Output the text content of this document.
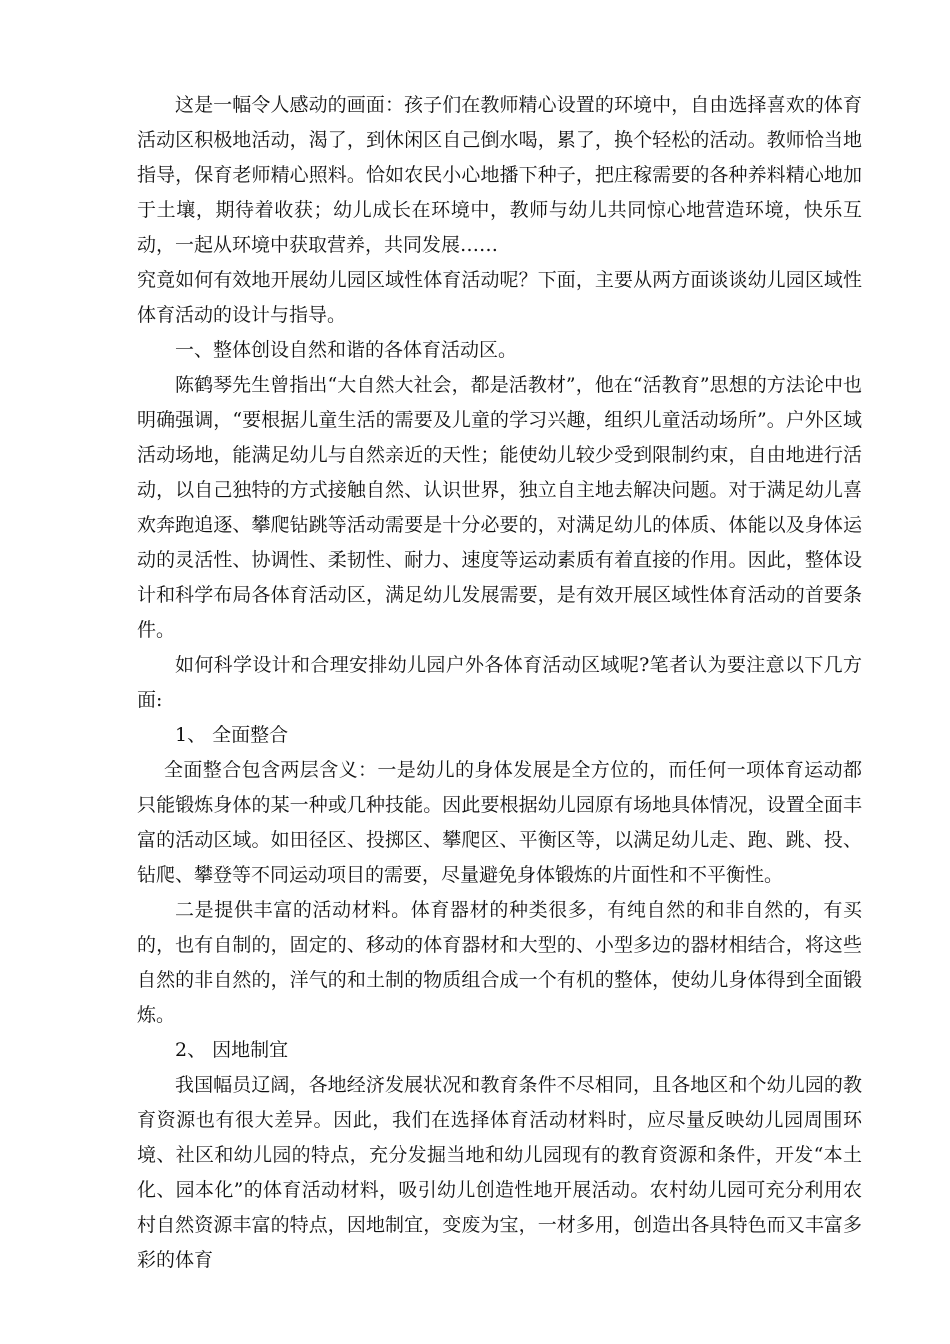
这是一幅令人感动的画面：孩子们在教师精心设置的环境中，自由选择喜欢的体育活动区积极地活动，渴了，到休闲区自己倒水喝，累了，换个轻松的活动。教师恰当地指导，保育老师精心照料。恰如农民小心地播下种子，把庄稼需要的各种养料精心地加于土壤，期待着收获；幼儿成长在环境中，教师与幼儿共同惊心地营造环境，快乐互动，一起从环境中获取营养，共同发展……

究竟如何有效地开展幼儿园区域性体育活动呢？下面，主要从两方面谈谈幼儿园区域性体育活动的设计与指导。

一、整体创设自然和谐的各体育活动区。

陈鹤琴先生曾指出“大自然大社会，都是活教材”，他在“活教育”思想的方法论中也明确强调，“要根据儿童生活的需要及儿童的学习兴趣，组织儿童活动场所”。户外区域活动场地，能满足幼儿与自然亲近的天性；能使幼儿较少受到限制约束，自由地进行活动，以自己独特的方式接触自然、认识世界，独立自主地去解决问题。对于满足幼儿喜欢奔跑追逐、攀爬钻跳等活动需要是十分必要的，对满足幼儿的体质、体能以及身体运动的灵活性、协调性、柔韧性、耐力、速度等运动素质有着直接的作用。因此，整体设计和科学布局各体育活动区，满足幼儿发展需要，是有效开展区域性体育活动的首要条件。

如何科学设计和合理安排幼儿园户外各体育活动区域呢?笔者认为要注意以下几方面:

1、 全面整合

全面整合包含两层含义：一是幼儿的身体发展是全方位的，而任何一项体育运动都只能锻炼身体的某一种或几种技能。因此要根据幼儿园原有场地具体情况，设置全面丰富的活动区域。如田径区、投掷区、攀爬区、平衡区等，以满足幼儿走、跑、跳、投、钻爬、攀登等不同运动项目的需要，尽量避免身体锻炼的片面性和不平衡性。

二是提供丰富的活动材料。体育器材的种类很多，有纯自然的和非自然的，有买的，也有自制的，固定的、移动的体育器材和大型的、小型多边的器材相结合，将这些自然的非自然的，洋气的和土制的物质组合成一个有机的整体，使幼儿身体得到全面锻炼。

2、 因地制宜

我国幅员辽阔，各地经济发展状况和教育条件不尽相同，且各地区和个幼儿园的教育资源也有很大差异。因此，我们在选择体育活动材料时，应尽量反映幼儿园周围环境、社区和幼儿园的特点，充分发掘当地和幼儿园现有的教育资源和条件，开发“本土化、园本化”的体育活动材料，吸引幼儿创造性地开展活动。农村幼儿园可充分利用农村自然资源丰富的特点，因地制宜，变废为宝，一材多用，创造出各具特色而又丰富多彩的体育
